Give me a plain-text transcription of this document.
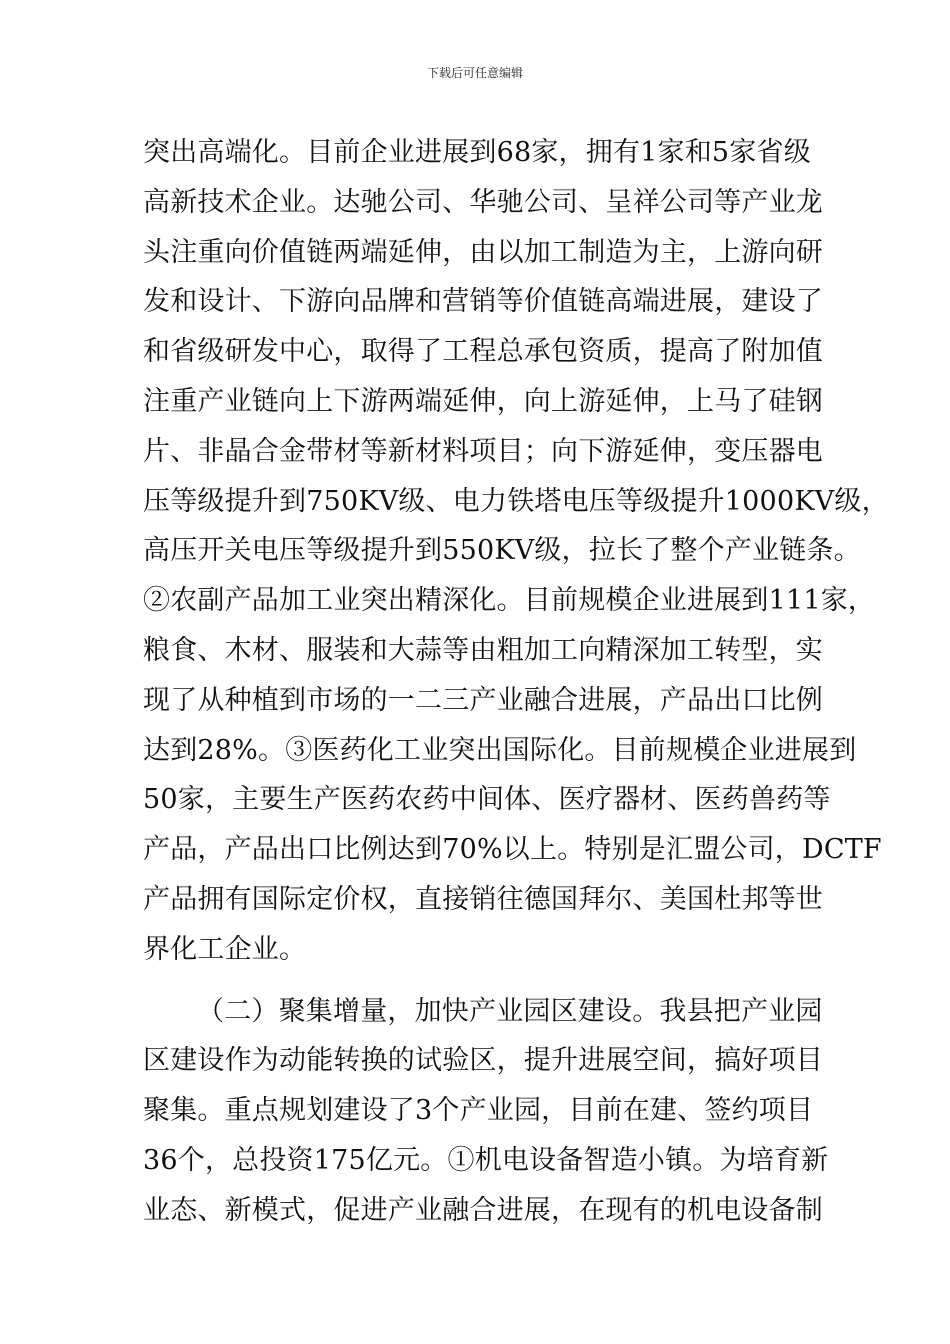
下载后可任意编辑
突出高端化。目前企业进展到68家，拥有1家和5家省级
高新技术企业。达驰公司、华驰公司、呈祥公司等产业龙
头注重向价值链两端延伸，由以加工制造为主，上游向研
发和设计、下游向品牌和营销等价值链高端进展，建设了
和省级研发中心，取得了工程总承包资质，提高了附加值
注重产业链向上下游两端延伸，向上游延伸，上马了硅钢
片、非晶合金带材等新材料项目；向下游延伸，变压器电
压等级提升到750KV级、电力铁塔电压等级提升1000KV级，
高压开关电压等级提升到550KV级，拉长了整个产业链条。
②农副产品加工业突出精深化。目前规模企业进展到111家，
粮食、木材、服装和大蒜等由粗加工向精深加工转型，实
现了从种植到市场的一二三产业融合进展，产品出口比例
达到28%。③医药化工业突出国际化。目前规模企业进展到
50家，主要生产医药农药中间体、医疗器材、医药兽药等
产品，产品出口比例达到70%以上。特别是汇盟公司，DCTF
产品拥有国际定价权，直接销往德国拜尔、美国杜邦等世
界化工企业。
（二）聚集增量，加快产业园区建设。我县把产业园
区建设作为动能转换的试验区，提升进展空间，搞好项目
聚集。重点规划建设了3个产业园，目前在建、签约项目
36个，总投资175亿元。①机电设备智造小镇。为培育新
业态、新模式，促进产业融合进展，在现有的机电设备制
